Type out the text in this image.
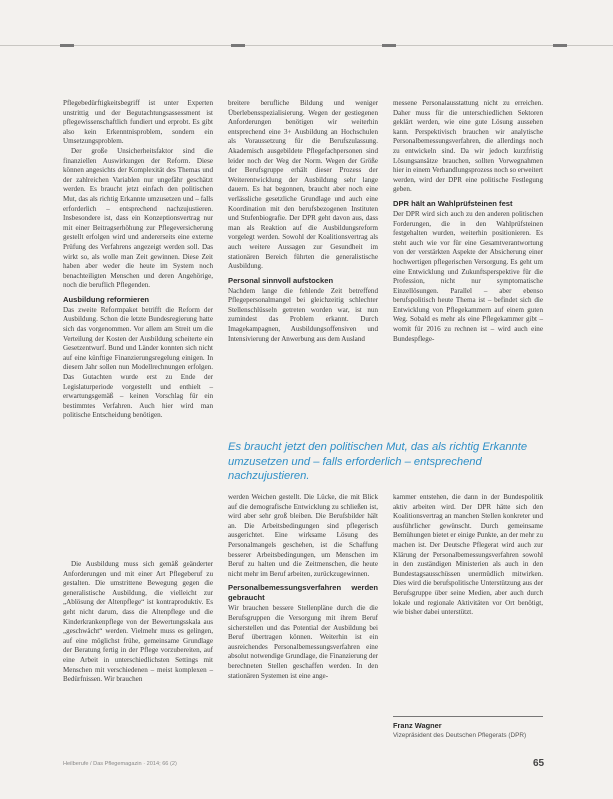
Pflegebedürftigkeitsbegriff ist unter Experten unstrittig und der Begutachtungsassessment ist pflegewissenschaftlich fundiert und erprobt. Es gibt also kein Erkenntnisproblem, sondern ein Umsetzungsproblem.

Der große Unsicherheitsfaktor sind die finanziellen Auswirkungen der Reform. Diese können angesichts der Komplexität des Themas und der zahlreichen Variablen nur ungefähr geschätzt werden. Es braucht jetzt einfach den politischen Mut, das als richtig Erkannte umzusetzen und – falls erforderlich – entsprechend nachzujustieren. Insbesondere ist, dass ein Konzeptionsvertrag nur mit einer Beitragserhöhung zur Pflegeversicherung gestellt erfolgen wird und andererseits eine externe Prüfung des Verfahrens angezeigt werden soll. Das wirkt so, als wolle man Zeit gewinnen. Diese Zeit haben aber weder die heute im System noch benachteiligten Menschen und deren Angehörige, noch die beruflich Pflegenden.

Ausbildung reformieren

Das zweite Reformpaket betrifft die Reform der Ausbildung. Schon die letzte Bundesregierung hatte sich das vorgenommen. Vor allem am Streit um die Verteilung der Kosten der Ausbildung scheiterte ein Gesetzentwurf. Bund und Länder konnten sich nicht auf eine künftige Finanzierungsregelung einigen. In diesem Jahr sollen nun Modellrechnungen erfolgen. Das Gutachten wurde erst zu Ende der Legislaturperiode vorgestellt und enthielt – erwartungsgemäß – keinen Vorschlag für ein bestimmtes Verfahren. Auch hier wird man politische Entscheidung benötigen.

breitere berufliche Bildung und weniger Überlebensspezialisierung. Wegen der gestiegenen Anforderungen benötigen wir weiterhin entsprechend eine 3+ Ausbildung an Hochschulen als Voraussetzung für die Berufszulassung. Akademisch ausgebildete Pflegefachpersonen sind leider noch der Weg der Norm. Wegen der Größe der Berufsgruppe erhält dieser Prozess der Weiterentwicklung der Ausbildung sehr lange dauern. Es hat begonnen, braucht aber noch eine verlässliche gesetzliche Grundlage und auch eine Koordination mit den berufsbezogenen Instituten und Stufenbiografie. Der DPR geht davon aus, dass man als Reaktion auf die Ausbildungsreform vorgelegt werden. Sowohl der Koalitionsvertrag als auch weitere Aussagen zur Gesundheit im stationären Bereich führten die generalistische Ausbildung.

Personal sinnvoll aufstocken

Nachdem lange die fehlende Zeit betreffend Pflegepersonalmangel bei gleichzeitig schlechter Stellenschlüsseln getreten worden war, ist nun zumindest das Problem erkannt. Durch Imagekampagnen, Ausbildungsoffensiven und Intensivierung der Anwerbung aus dem Ausland

messene Personalausstattung nicht zu erreichen. Daher muss für die unterschiedlichen Sektoren geklärt werden, wie eine gute Lösung aussehen kann. Perspektivisch brauchen wir analytische Personalbemessungsverfahren, die allerdings noch zu entwickeln sind. Da wir jedoch kurzfristig Lösungsansätze brauchen, sollten Vorwegnahmen hier in einem Verhandlungsprozess noch so erweitert werden, wird der DPR eine politische Festlegung geben.

DPR hält an Wahlprüfsteinen fest

Der DPR wird sich auch zu den anderen politischen Forderungen, die in den Wahlprüfsteinen festgehalten wurden, weiterhin positionieren. Es steht auch wie vor für eine Gesamtverantwortung von der verstärkten Aspekte der Absicherung einer hochwertigen pflegerischen Versorgung. Es geht um eine Entwicklung und Zukunftsperspektive für die Profession, nicht nur symptomatische Einzellösungen. Parallel – aber ebenso berufspolitisch heute Thema ist – befindet sich die Entwicklung von Pflegekammern auf einem guten Weg. Sobald es mehr als eine Pflegekammer gibt – womit für 2016 zu rechnen ist – wird auch eine Bundespflege-

Es braucht jetzt den politischen Mut, das als richtig Erkannte umzusetzen und – falls erforderlich – entsprechend nachzujustieren.

Die Ausbildung muss sich gemäß geänderter Anforderungen und mit einer Art Pflegeberuf zu gestalten. Die umstrittene Bewegung gegen die generalistische Ausbildung, die vielleicht zur „Ablösung der Altenpflege“ ist kontraproduktiv. Es geht nicht darum, dass die Altenpflege und die Kinderkrankenpflege von der Bewertungsskala aus „geschwächt“ werden. Vielmehr muss es gelingen, auf eine möglichst frühe, gemeinsame Grundlage der Beratung fertig in der Pflege vorzubereiten, auf eine Arbeit in unterschiedlichsten Settings mit Menschen mit verschiedenen – meist komplexen – Bedürfnissen. Wir brauchen

werden Weichen gestellt. Die Lücke, die mit Blick auf die demografische Entwicklung zu schließen ist, wird aber sehr groß bleiben. Die Berufsbilder hält an. Die Arbeitsbedingungen sind pflegerisch ausgerichtet. Eine wirksame Lösung des Personalmangels geschehen, ist die Schaffung besserer Arbeitsbedingungen, um Menschen im Beruf zu halten und die Zeitmenschen, die heute nicht mehr im Beruf arbeiten, zurückzugewinnen.

Personalbemessungsverfahren werden gebraucht

Wir brauchen bessere Stellenpläne durch die die Berufsgruppen die Versorgung mit ihrem Beruf sicherstellen und das Potential der Ausbildung bei Beruf übertragen können. Weiterhin ist ein ausreichendes Personalbemessungsverfahren eine absolut notwendige Grundlage, die Finanzierung der berechneten Stellen geschaffen werden. In den stationären Systemen ist eine ange-

kammer entstehen, die dann in der Bundespolitik aktiv arbeiten wird. Der DPR hätte sich den Koalitionsvertrag an manchen Stellen konkreter und ausführlicher gewünscht. Durch gemeinsame Bemühungen bietet er einige Punkte, an der mehr zu machen ist. Der Deutsche Pflegerat wird auch zur Klärung der Personalbemessungsverfahren sowohl in den zuständigen Ministerien als auch in den Bundestagsausschüssen unermüdlich mitwirken. Dies wird die berufspolitische Unterstützung aus der Berufsgruppe über seine Medien, aber auch durch lokale und regionale Aktivitäten vor Ort benötigt, wie bisher dabei unterstützt.

Franz Wagner
Vizepräsident des Deutschen Pflegerats (DPR)
Heilberufe / Das Pflegemagazin · 2014; 66 (2)	65
